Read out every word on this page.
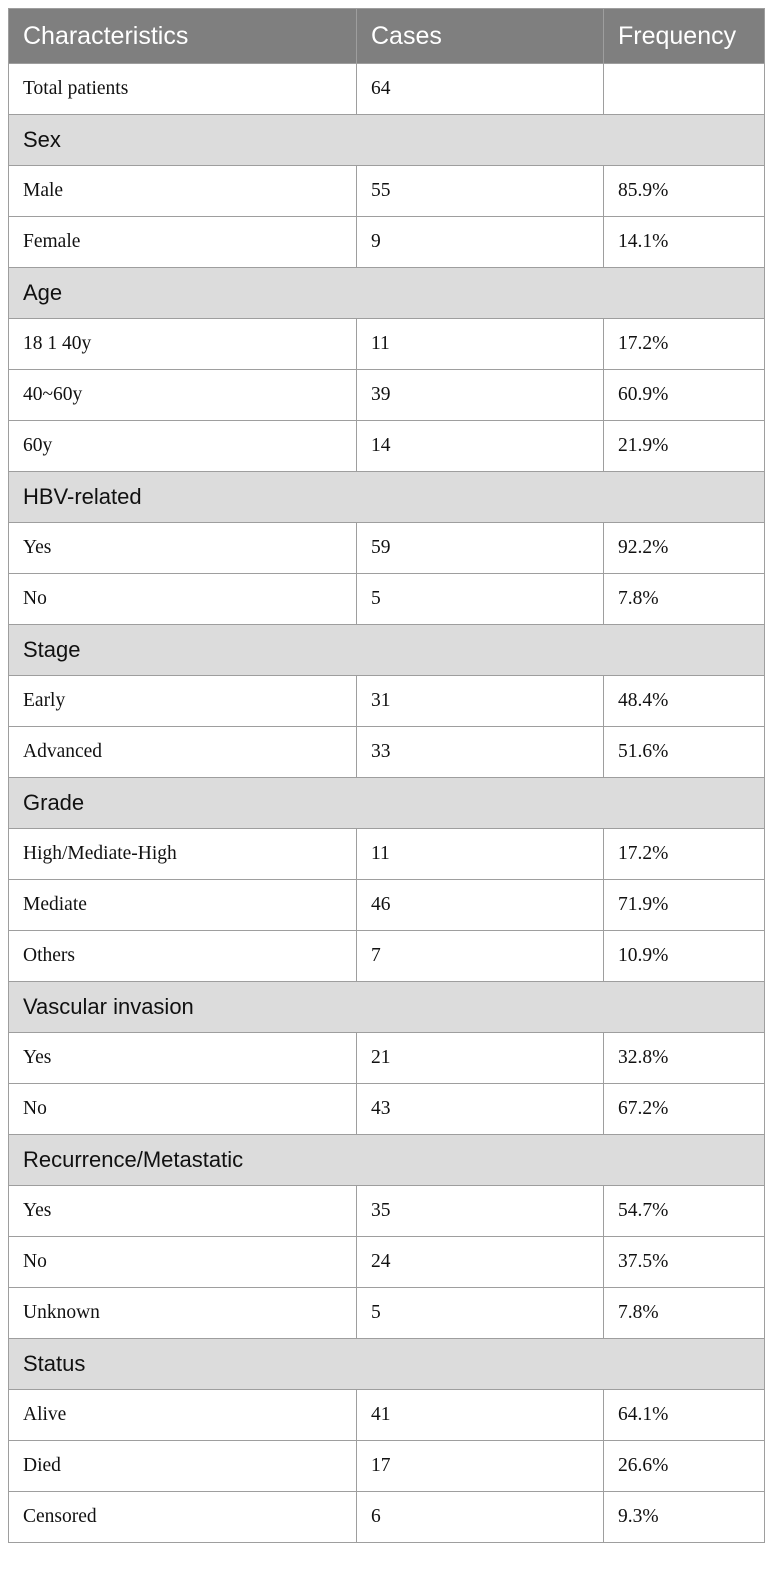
Characteristics	Cases	Frequency
Total patients	64	
Sex		
Male	55	85.9%
Female	9	14.1%
Age		
18 1 40y	11	17.2%
40~60y	39	60.9%
60y	14	21.9%
HBV-related		
Yes	59	92.2%
No	5	7.8%
Stage		
Early	31	48.4%
Advanced	33	51.6%
Grade		
High/Mediate-High	11	17.2%
Mediate	46	71.9%
Others	7	10.9%
Vascular invasion		
Yes	21	32.8%
No	43	67.2%
Recurrence/Metastatic		
Yes	35	54.7%
No	24	37.5%
Unknown	5	7.8%
Status		
Alive	41	64.1%
Died	17	26.6%
Censored	6	9.3%
